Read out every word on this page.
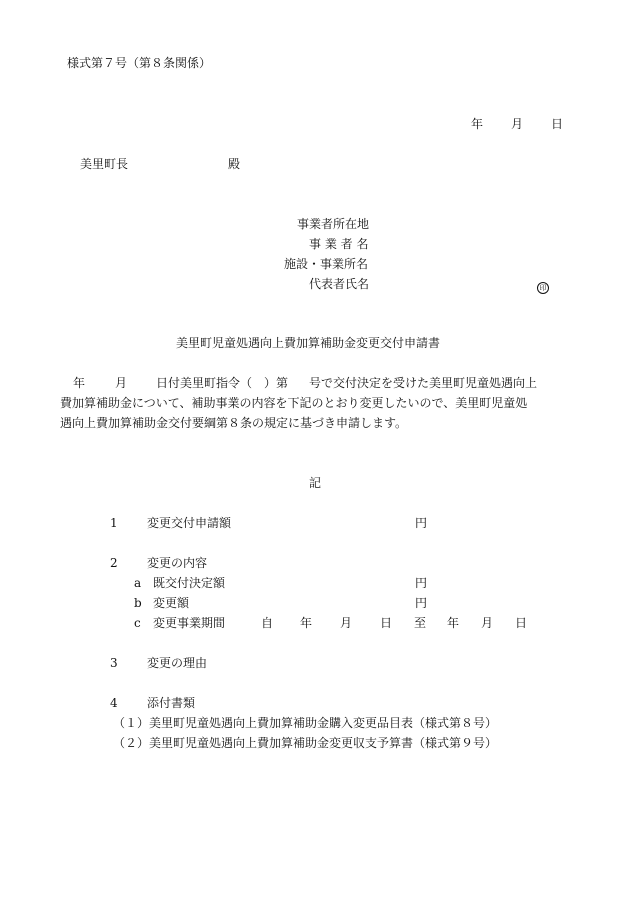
様式第７号（第８条関係）
年 月 日
美里町長	殿
事業者所在地
事 業 者 名
施設・事業所名
代表者氏名	印
美里町児童処遇向上費加算補助金変更交付申請書
年 月 日付美里町指令（　）第 号で交付決定を受けた美里町児童処遇向上
費加算補助金について、補助事業の内容を下記のとおり変更したいので、美里町児童処
遇向上費加算補助金交付要綱第８条の規定に基づき申請します。
記
1 変更交付申請額	円
2 変更の内容
a 既交付決定額	円
b 変更額	円
c 変更事業期間	自 年 月 日 至 年 月 日
3 変更の理由
4 添付書類
（１）美里町児童処遇向上費加算補助金購入変更品目表（様式第８号）
（２）美里町児童処遇向上費加算補助金変更収支予算書（様式第９号）
